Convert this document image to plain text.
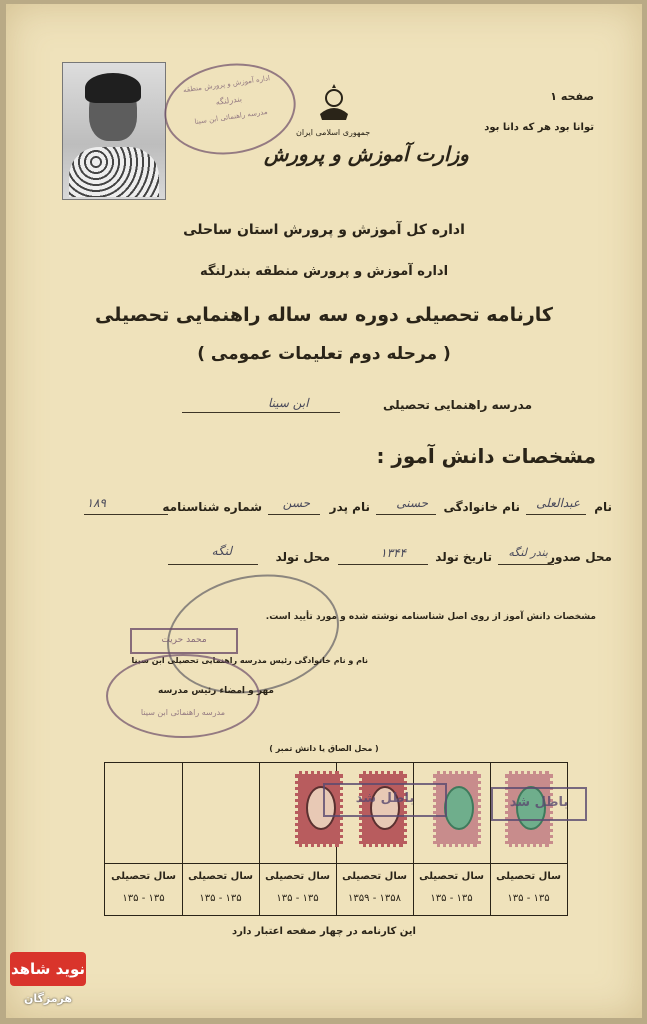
صفحه ۱
توانا بود هر که دانا بود
جمهوری اسلامی ایران
وزارت آموزش و پرورش
اداره آموزش و پرورش منطقه
بندرلنگه
مدرسه راهنمائی ابن سینا
اداره کل آموزش و پرورش استان ساحلی
اداره آموزش و پرورش منطقه بندرلنگه
کارنامه تحصیلی دوره سه ساله راهنمایی تحصیلی
( مرحله دوم تعلیمات عمومی )
مدرسه راهنمایی تحصیلی
ابن سینا
مشخصات دانش آموز :
نام
عبدالعلی
نام خانوادگی
حسنی
نام پدر
حسن
شماره شناسنامه
۱۸۹
محل صدور
بندر لنگه
تاریخ تولد
۱۳۴۴
محل تولد
لنگه
مشخصات دانش آموز از روی اصل شناسنامه نوشته شده و مورد تأیید است.
محمد حریت
نام و نام خانوادگی رئیس مدرسه راهنمایی تحصیلی ابن سینا
مدرسه راهنمائی ابن سینا
مهر و امضاء رئیس مدرسه
( محل الصاق یا دانش تمبر )
باطل شد
باطل شد
سال تحصیلی
سال تحصیلی
سال تحصیلی
سال تحصیلی
سال تحصیلی
سال تحصیلی
۱۳۵ - ۱۳۵
۱۳۵ - ۱۳۵
۱۳۵۸ - ۱۳۵۹
۱۳۵ - ۱۳۵
۱۳۵ - ۱۳۵
۱۳۵ - ۱۳۵
این کارنامه در چهار صفحه اعتبار دارد
نوید شاهد
هرمزگان
